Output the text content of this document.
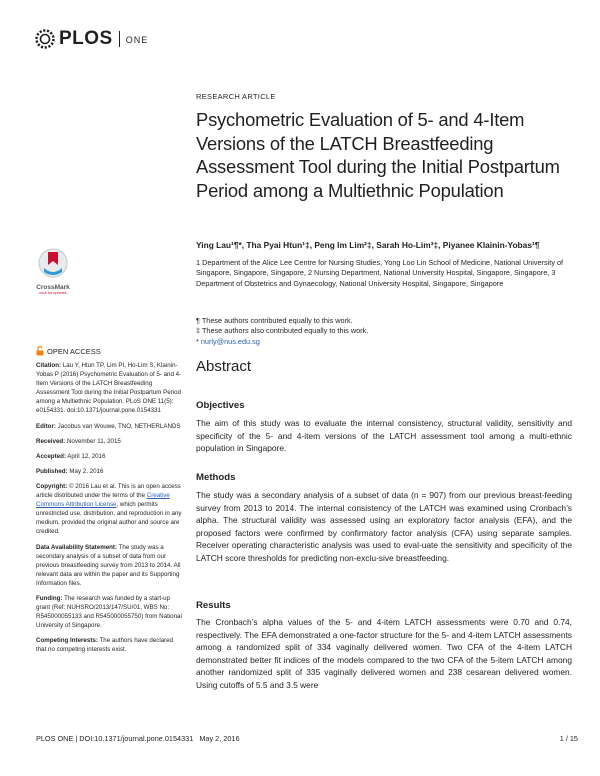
PLOS ONE
CrossMark
click for updates
RESEARCH ARTICLE
Psychometric Evaluation of 5- and 4-Item Versions of the LATCH Breastfeeding Assessment Tool during the Initial Postpartum Period among a Multiethnic Population
Ying Lau¹¶*, Tha Pyai Htun¹‡, Peng Im Lim²‡, Sarah Ho-Lim³‡, Piyanee Klainin-Yobas¹¶
1 Department of the Alice Lee Centre for Nursing Studies, Yong Loo Lin School of Medicine, National University of Singapore, Singapore, Singapore, 2 Nursing Department, National University Hospital, Singapore, Singapore, 3 Department of Obstetrics and Gynaecology, National University Hospital, Singapore, Singapore
¶ These authors contributed equally to this work.
‡ These authors also contributed equally to this work.
* nurly@nus.edu.sg
OPEN ACCESS
Citation: Lau Y, Htun TP, Lim PI, Ho-Lim S, Klainin-Yobas P (2016) Psychometric Evaluation of 5- and 4-Item Versions of the LATCH Breastfeeding Assessment Tool during the Initial Postpartum Period among a Multiethnic Population. PLoS ONE 11(5): e0154331. doi:10.1371/journal.pone.0154331
Editor: Jacobus van Wouwe, TNO, NETHERLANDS
Received: November 11, 2015
Accepted: April 12, 2016
Published: May 2, 2016
Copyright: © 2016 Lau et al. This is an open access article distributed under the terms of the Creative Commons Attribution License, which permits unrestricted use, distribution, and reproduction in any medium, provided the original author and source are credited.
Data Availability Statement: The study was a secondary analysis of a subset of data from our previous breastfeeding survey from 2013 to 2014. All relevant data are within the paper and its Supporting Information files.
Funding: The research was funded by a start-up grant (Ref: NUHSRO/2013/147/SU/01, WBS No: R545000055133 and R545000055750) from National University of Singapore.
Competing Interests: The authors have declared that no competing interests exist.
Abstract
Objectives

The aim of this study was to evaluate the internal consistency, structural validity, sensitivity and specificity of the 5- and 4-item versions of the LATCH assessment tool among a multi-ethnic population in Singapore.

Methods

The study was a secondary analysis of a subset of data (n = 907) from our previous breast-feeding survey from 2013 to 2014. The internal consistency of the LATCH was examined using Cronbach’s alpha. The structural validity was assessed using an exploratory factor analysis (EFA), and the proposed factors were confirmed by confirmatory factor analysis (CFA) using separate samples. Receiver operating characteristic analysis was used to eval-uate the sensitivity and specificity of the LATCH score thresholds for predicting non-exclu-sive breastfeeding.

Results

The Cronbach’s alpha values of the 5- and 4-item LATCH assessments were 0.70 and 0.74, respectively. The EFA demonstrated a one-factor structure for the 5- and 4-item LATCH assessments among a randomized split of 334 vaginally delivered women. Two CFA of the 4-item LATCH demonstrated better fit indices of the models compared to the two CFA of the 5-item LATCH among another randomized split of 335 vaginally delivered women and 238 cesarean delivered women. Using cutoffs of 5.5 and 3.5 were

PLOS ONE | DOI:10.1371/journal.pone.0154331   May 2, 2016	1 / 15
